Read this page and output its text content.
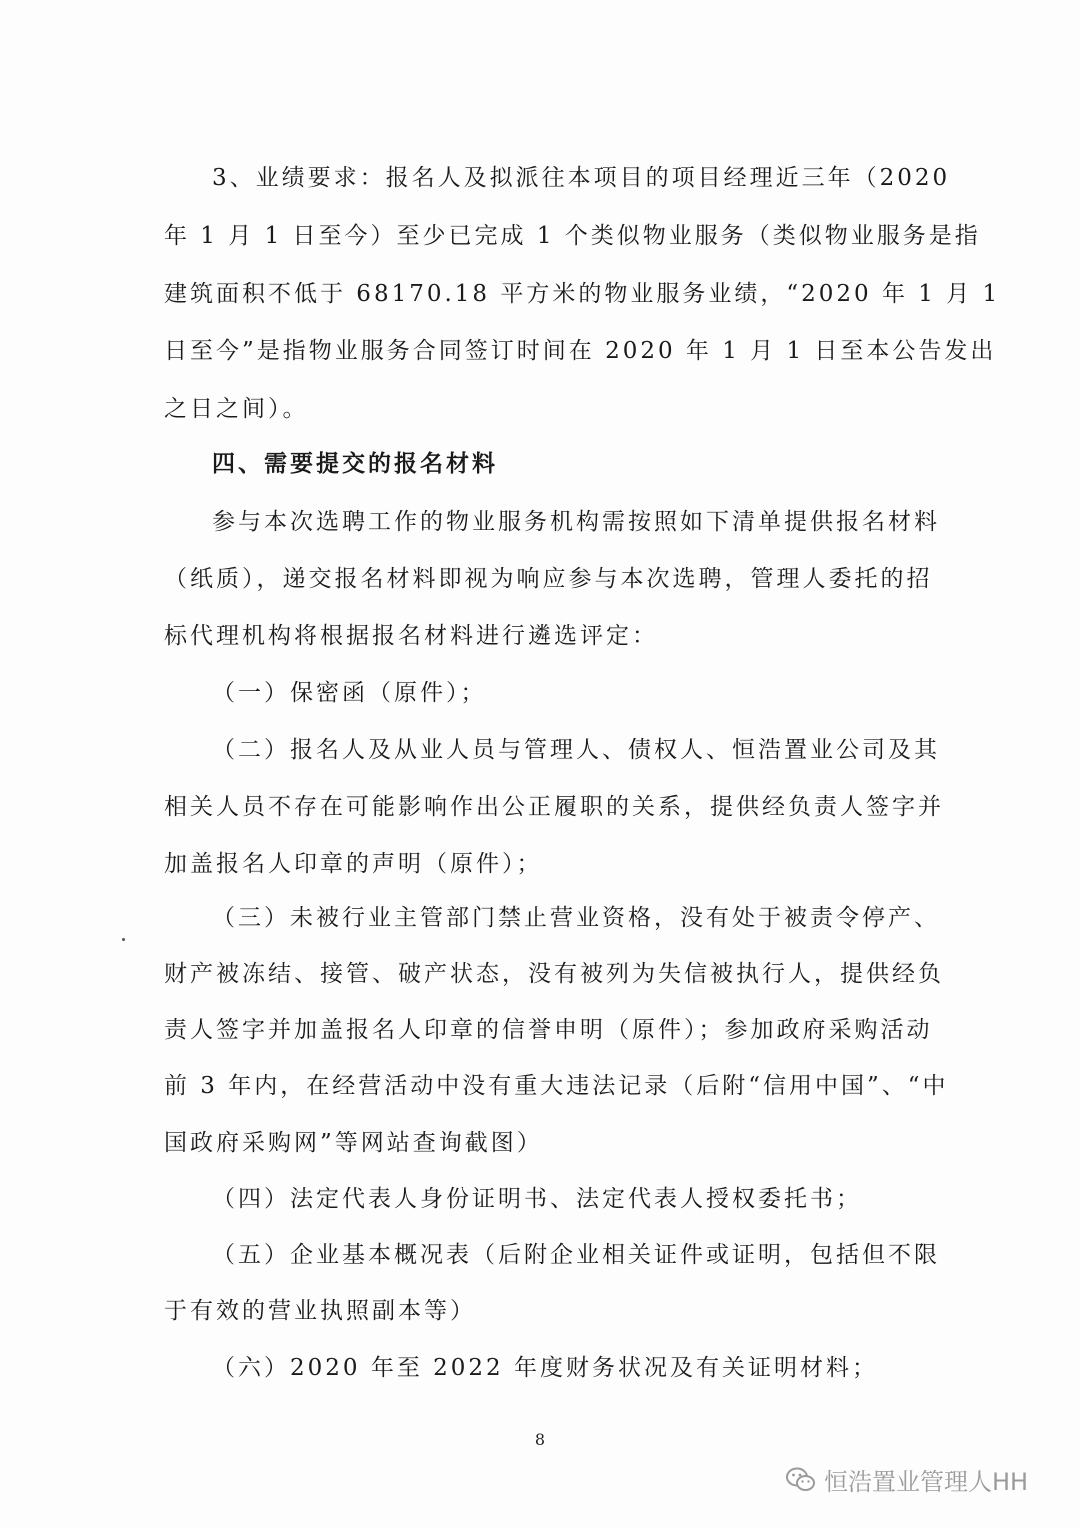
3、业绩要求：报名人及拟派往本项目的项目经理近三年（2020
年 1 月 1 日至今）至少已完成 1 个类似物业服务（类似物业服务是指
建筑面积不低于 68170.18 平方米的物业服务业绩，“2020 年 1 月 1
日至今”是指物业服务合同签订时间在 2020 年 1 月 1 日至本公告发出
之日之间）。
四、需要提交的报名材料
参与本次选聘工作的物业服务机构需按照如下清单提供报名材料
（纸质），递交报名材料即视为响应参与本次选聘，管理人委托的招
标代理机构将根据报名材料进行遴选评定：
（一）保密函（原件）；
（二）报名人及从业人员与管理人、债权人、恒浩置业公司及其
相关人员不存在可能影响作出公正履职的关系，提供经负责人签字并
加盖报名人印章的声明（原件）；
（三）未被行业主管部门禁止营业资格，没有处于被责令停产、
财产被冻结、接管、破产状态，没有被列为失信被执行人，提供经负
责人签字并加盖报名人印章的信誉申明（原件）；参加政府采购活动
前 3 年内，在经营活动中没有重大违法记录（后附“信用中国”、“中
国政府采购网”等网站查询截图）
（四）法定代表人身份证明书、法定代表人授权委托书；
（五）企业基本概况表（后附企业相关证件或证明，包括但不限
于有效的营业执照副本等）
（六）2020 年至 2022 年度财务状况及有关证明材料；
8
恒浩置业管理人HH
